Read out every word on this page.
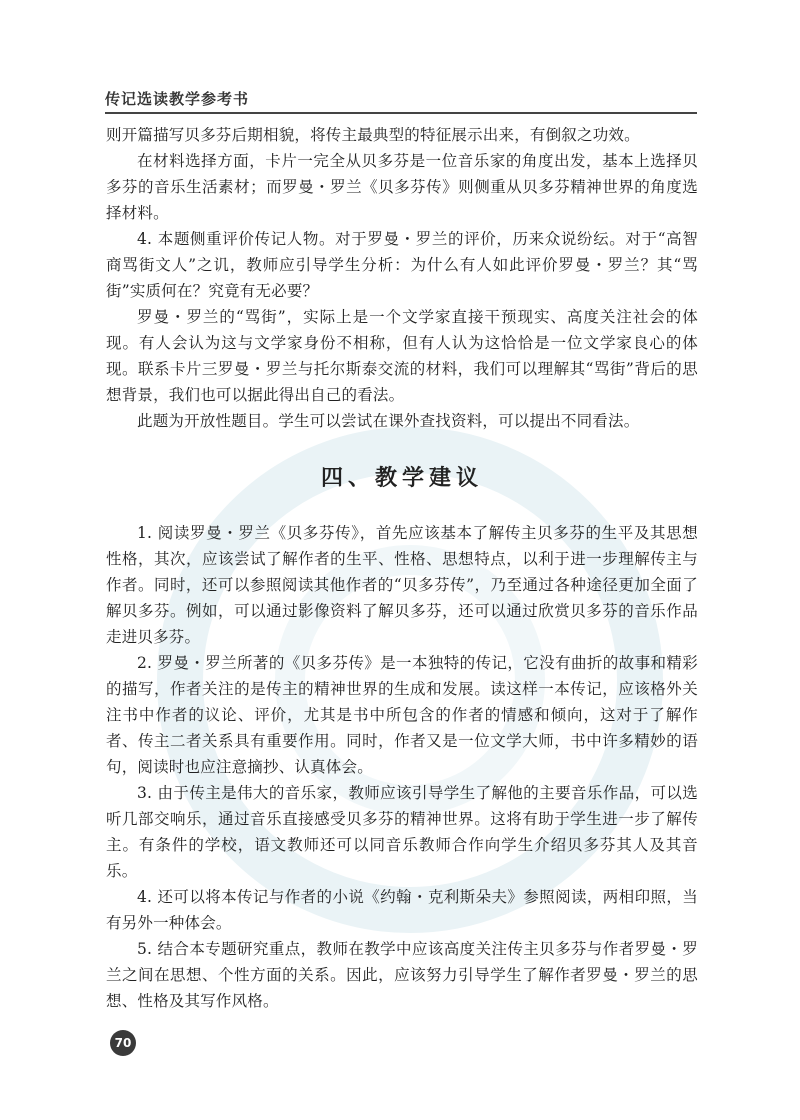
传记选读教学参考书

则开篇描写贝多芬后期相貌，将传主最典型的特征展示出来，有倒叙之功效。

在材料选择方面，卡片一完全从贝多芬是一位音乐家的角度出发，基本上选择贝多芬的音乐生活素材；而罗曼・罗兰《贝多芬传》则侧重从贝多芬精神世界的角度选择材料。

4. 本题侧重评价传记人物。对于罗曼・罗兰的评价，历来众说纷纭。对于“高智商骂街文人”之讥，教师应引导学生分析：为什么有人如此评价罗曼・罗兰？其“骂街”实质何在？究竟有无必要？

罗曼・罗兰的“骂街”，实际上是一个文学家直接干预现实、高度关注社会的体现。有人会认为这与文学家身份不相称，但有人认为这恰恰是一位文学家良心的体现。联系卡片三罗曼・罗兰与托尔斯泰交流的材料，我们可以理解其“骂街”背后的思想背景，我们也可以据此得出自己的看法。

此题为开放性题目。学生可以尝试在课外查找资料，可以提出不同看法。

四、教学建议

1. 阅读罗曼・罗兰《贝多芬传》，首先应该基本了解传主贝多芬的生平及其思想性格，其次，应该尝试了解作者的生平、性格、思想特点，以利于进一步理解传主与作者。同时，还可以参照阅读其他作者的“贝多芬传”，乃至通过各种途径更加全面了解贝多芬。例如，可以通过影像资料了解贝多芬，还可以通过欣赏贝多芬的音乐作品走进贝多芬。

2. 罗曼・罗兰所著的《贝多芬传》是一本独特的传记，它没有曲折的故事和精彩的描写，作者关注的是传主的精神世界的生成和发展。读这样一本传记，应该格外关注书中作者的议论、评价，尤其是书中所包含的作者的情感和倾向，这对于了解作者、传主二者关系具有重要作用。同时，作者又是一位文学大师，书中许多精妙的语句，阅读时也应注意摘抄、认真体会。

3. 由于传主是伟大的音乐家，教师应该引导学生了解他的主要音乐作品，可以选听几部交响乐，通过音乐直接感受贝多芬的精神世界。这将有助于学生进一步了解传主。有条件的学校，语文教师还可以同音乐教师合作向学生介绍贝多芬其人及其音乐。

4. 还可以将本传记与作者的小说《约翰・克利斯朵夫》参照阅读，两相印照，当有另外一种体会。

5. 结合本专题研究重点，教师在教学中应该高度关注传主贝多芬与作者罗曼・罗兰之间在思想、个性方面的关系。因此，应该努力引导学生了解作者罗曼・罗兰的思想、性格及其写作风格。

70
